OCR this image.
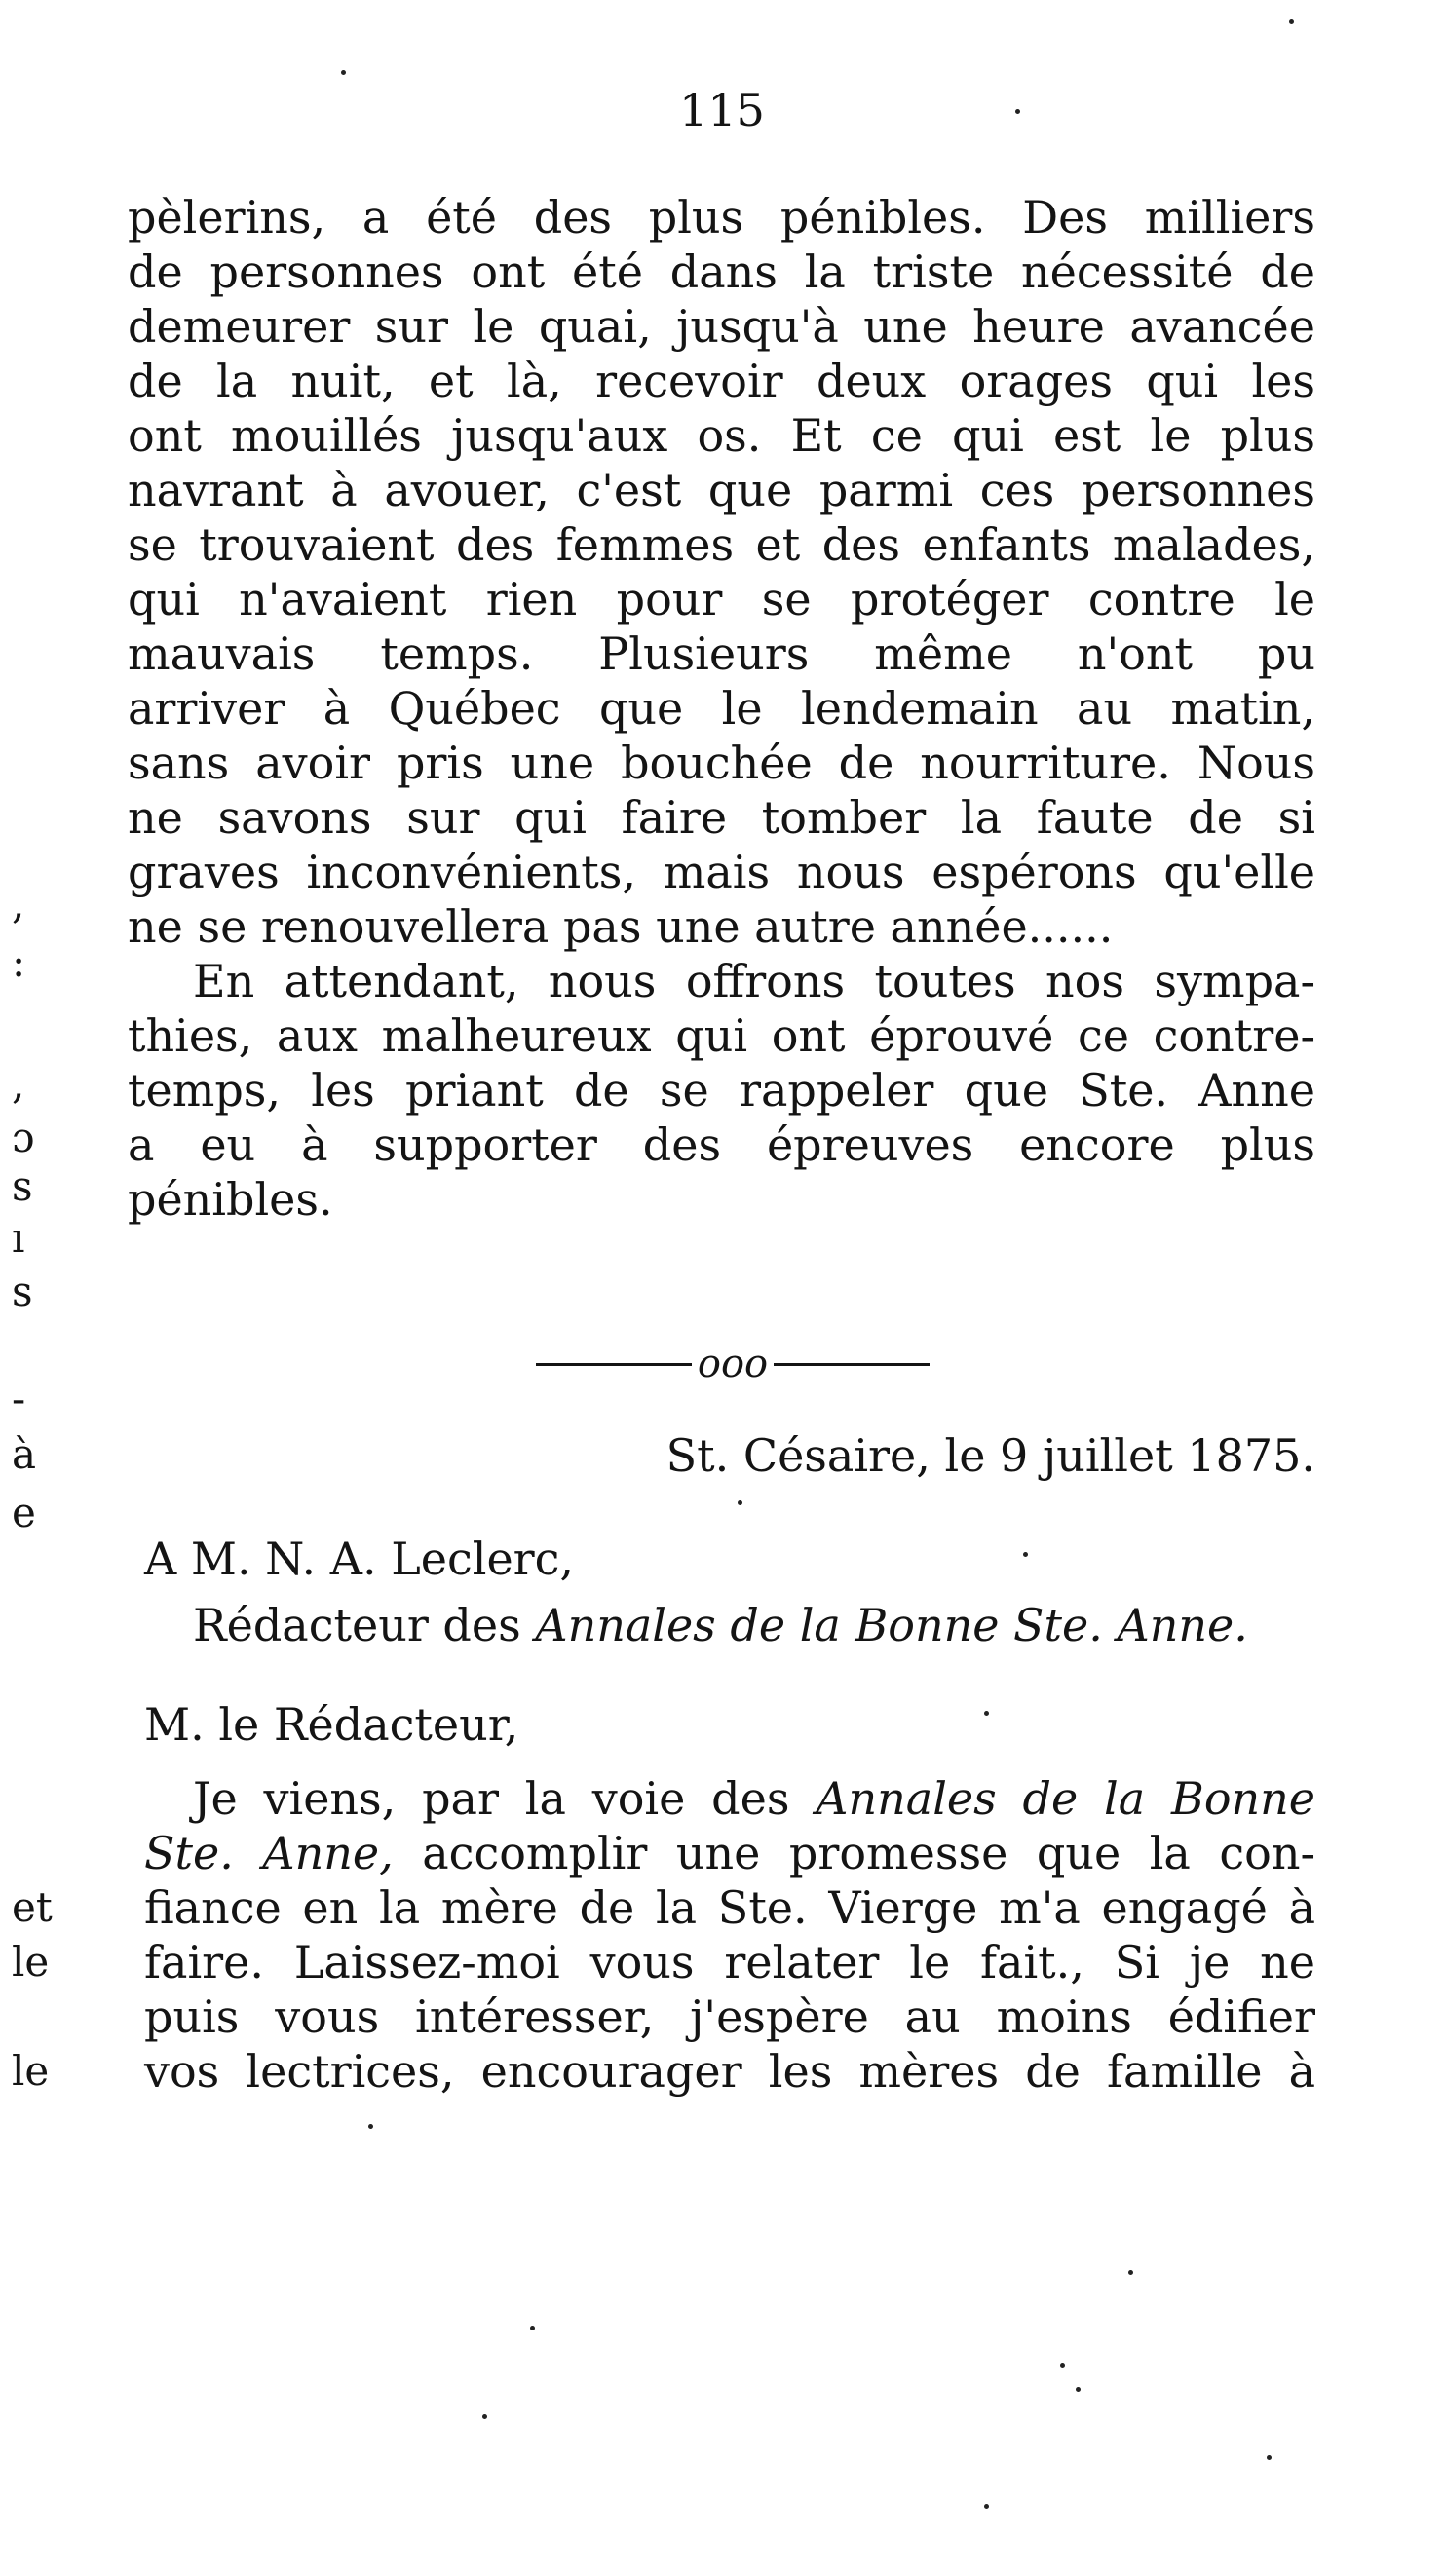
115
pèlerins, a été des plus pénibles. Des milliers
de personnes ont été dans la triste nécessité de
demeurer sur le quai, jusqu'à une heure avancée
de la nuit, et là, recevoir deux orages qui les
ont mouillés jusqu'aux os. Et ce qui est le plus
navrant à avouer, c'est que parmi ces personnes
se trouvaient des femmes et des enfants malades,
qui n'avaient rien pour se protéger contre le
mauvais temps. Plusieurs même n'ont pu
arriver à Québec que le lendemain au matin,
sans avoir pris une bouchée de nourriture. Nous
ne savons sur qui faire tomber la faute de si
graves inconvénients, mais nous espérons qu'elle
ne se renouvellera pas une autre année......
En attendant, nous offrons toutes nos sympa-
thies, aux malheureux qui ont éprouvé ce contre-
temps, les priant de se rappeler que Ste. Anne
a eu à supporter des épreuves encore plus
pénibles.
ooo
St. Césaire, le 9 juillet 1875.
A M. N. A. Leclerc,
Rédacteur des Annales de la Bonne Ste. Anne.
M. le Rédacteur,
Je viens, par la voie des Annales de la Bonne
Ste. Anne, accomplir une promesse que la con-
fiance en la mère de la Ste. Vierge m'a engagé à
faire. Laissez-moi vous relater le fait., Si je ne
puis vous intéresser, j'espère au moins édifier
vos lectrices, encourager les mères de famille à
,
:
,
ɔ
s
ı
s
-
à
e
et
le
le
